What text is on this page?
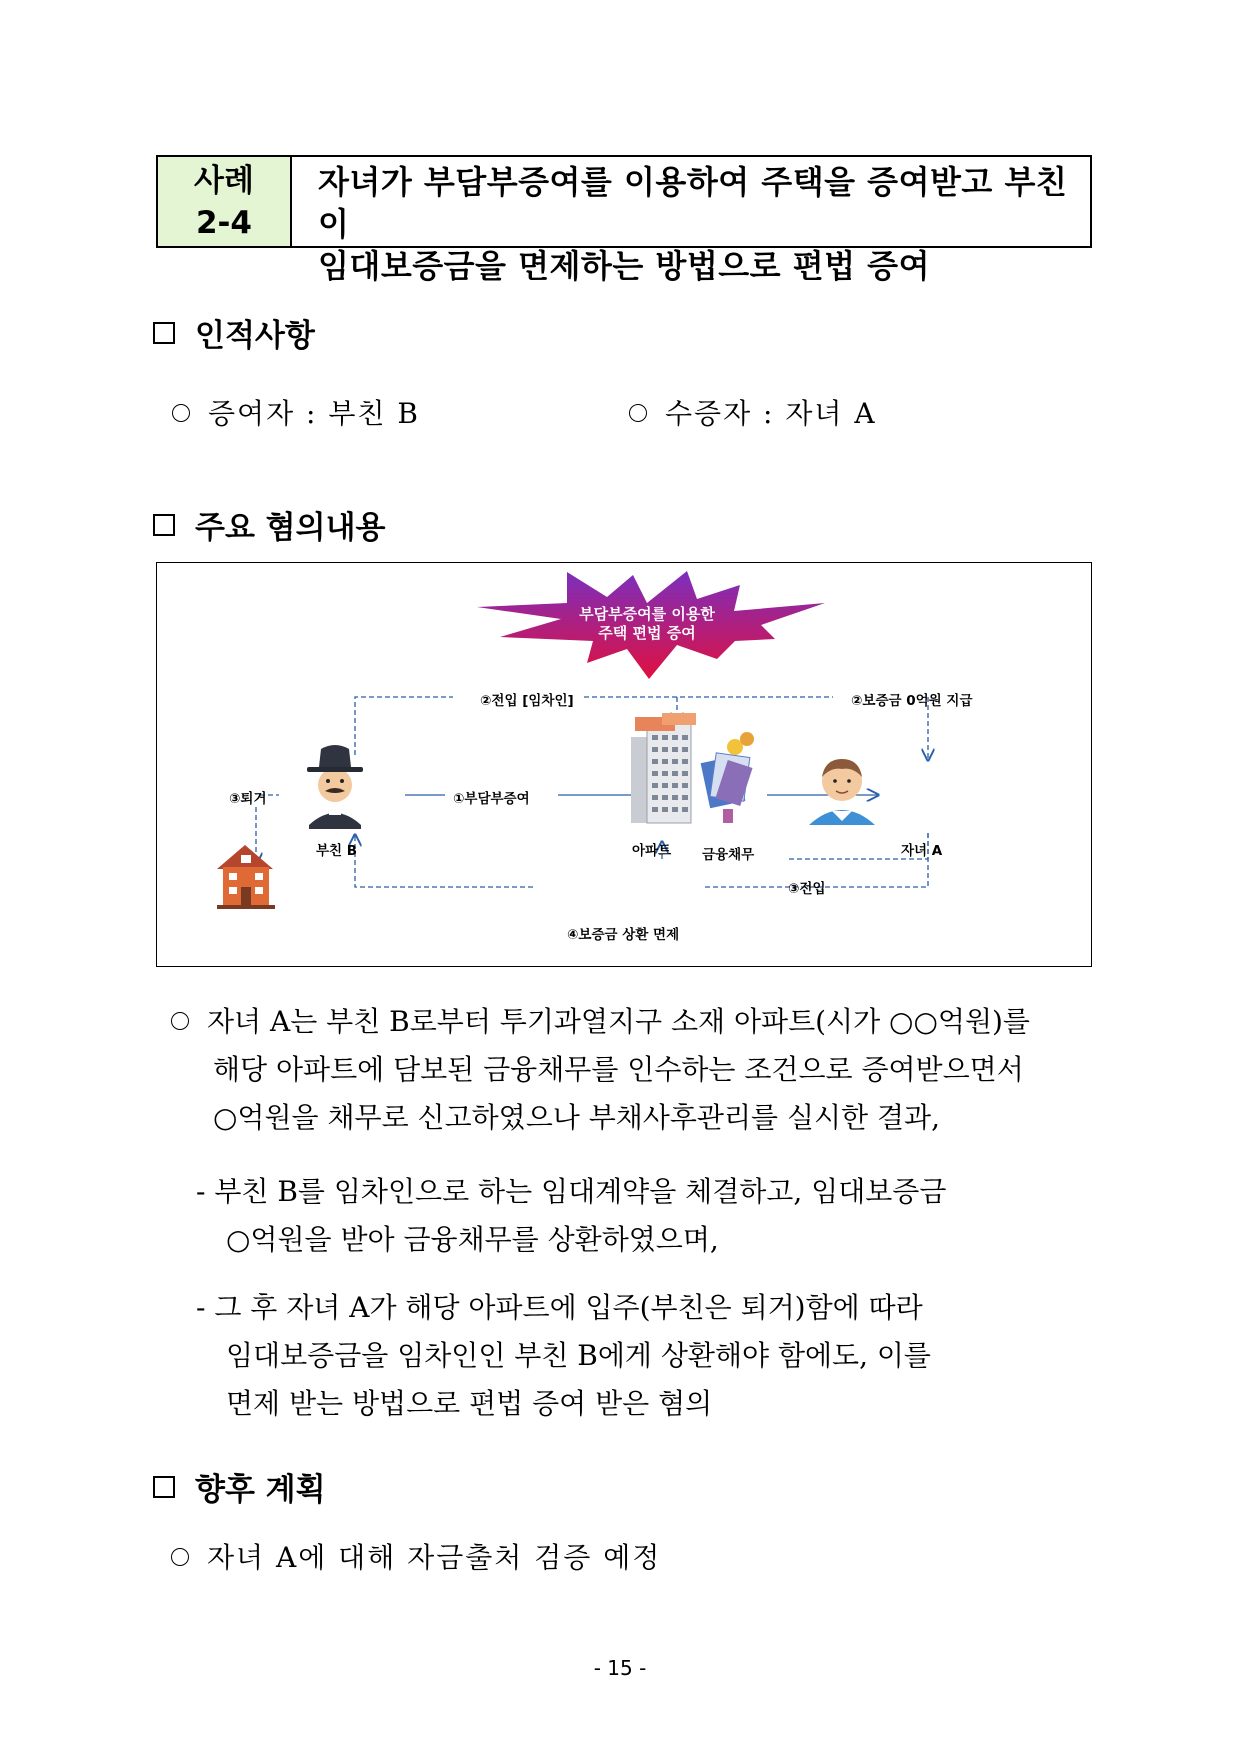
사례
2-4
자녀가 부담부증여를 이용하여 주택을 증여받고 부친이
임대보증금을 면제하는 방법으로 편법 증여
인적사항
증여자 : 부친 B	수증자 : 자녀 A
주요 혐의내용
부담부증여를 이용한
주택 편법 증여
②전입 [임차인]	②보증금 0억원 지급
③퇴거	①부담부증여
부친 B	아파트 금융채무	자녀 A
③전입
④보증금 상환 면제
자녀 A는 부친 B로부터 투기과열지구 소재 아파트(시가 ○○억원)를
해당 아파트에 담보된 금융채무를 인수하는 조건으로 증여받으면서
○억원을 채무로 신고하였으나 부채사후관리를 실시한 결과,
- 부친 B를 임차인으로 하는 임대계약을 체결하고, 임대보증금
○억원을 받아 금융채무를 상환하였으며,
- 그 후 자녀 A가 해당 아파트에 입주(부친은 퇴거)함에 따라
임대보증금을 임차인인 부친 B에게 상환해야 함에도, 이를
면제 받는 방법으로 편법 증여 받은 혐의
향후 계획
자녀 A에 대해 자금출처 검증 예정
- 15 -
